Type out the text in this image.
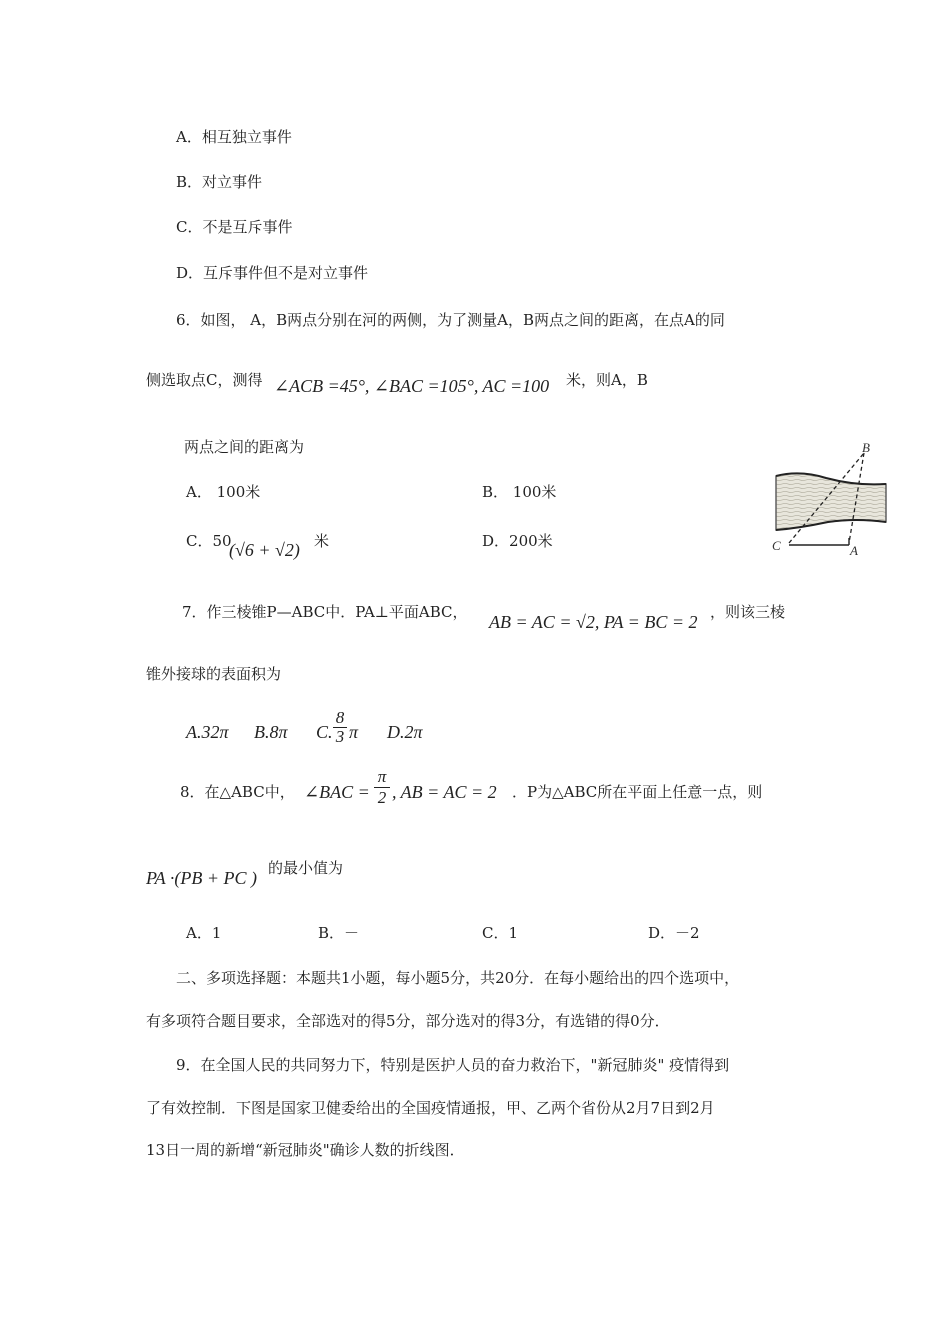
A．相互独立事件
B．对立事件
C．不是互斥事件
D．互斥事件但不是对立事件
6．如图， A，B两点分别在河的两侧，为了测量A，B两点之间的距离，在点A的同
侧选取点C，测得 ∠ACB =45°, ∠BAC =105°, AC =100 米，则A，B
两点之间的距离为
A． 100米	B． 100米
C．50
(√6 + √2) 米	D．200米
B
C	A
7．作三棱锥P—ABC中．PA⊥平面ABC， AB = AC = √2, PA = BC = 2 ，则该三棱
锥外接球的表面积为
A.32π B.8π C. $\frac{8}{3}$ π D.2π
8．在△ABC中， ∠BAC = $\frac{\pi}{2}$ , AB = AC = 2 ．P为△ABC所在平面上任意一点，则
PA ·(PB + PC ) 的最小值为
A．1	B．－	C．1	D．－2
二、多项选择题：本题共1小题，每小题5分，共20分．在每小题给出的四个选项中，
有多项符合题目要求，全部选对的得5分，部分选对的得3分，有选错的得0分．
9．在全国人民的共同努力下，特别是医护人员的奋力救治下，"新冠肺炎" 疫情得到
了有效控制．下图是国家卫健委给出的全国疫情通报，甲、乙两个省份从2月7日到2月
13日一周的新增“新冠肺炎"确诊人数的折线图．
